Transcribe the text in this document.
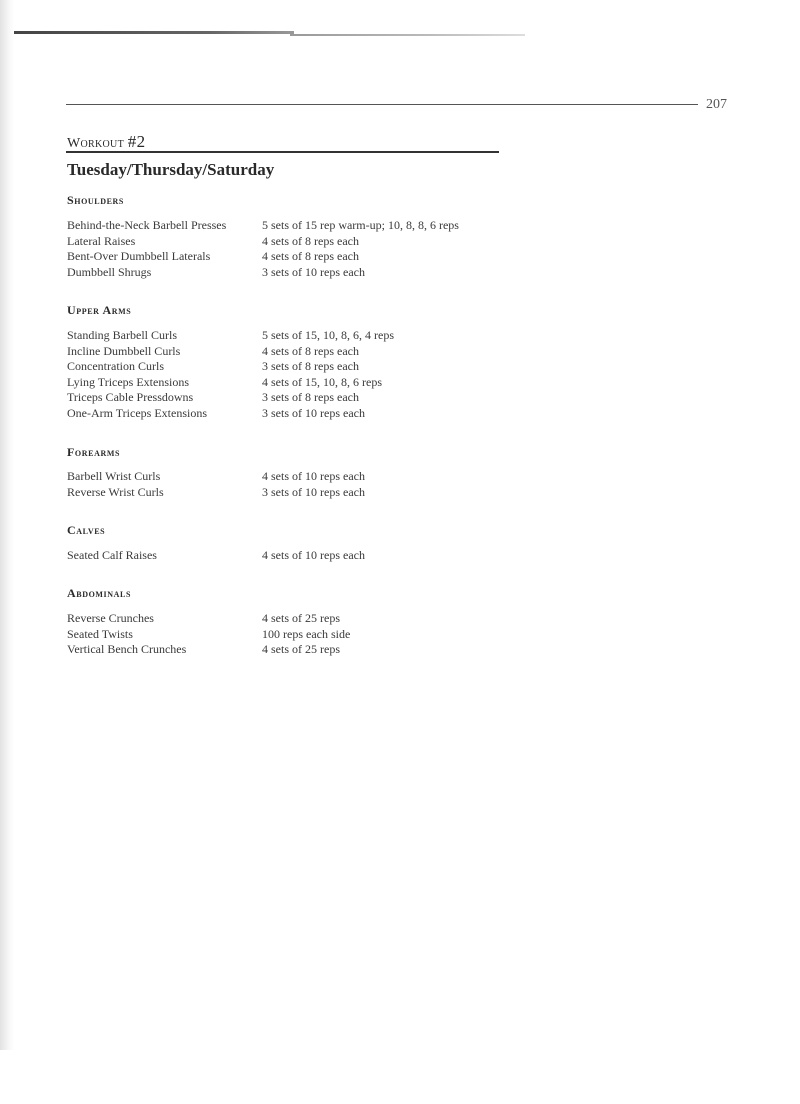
207
Workout #2
Tuesday/Thursday/Saturday
Shoulders
Behind-the-Neck Barbell Presses	5 sets of 15 rep warm-up; 10, 8, 8, 6 reps
Lateral Raises	4 sets of 8 reps each
Bent-Over Dumbbell Laterals	4 sets of 8 reps each
Dumbbell Shrugs	3 sets of 10 reps each
Upper Arms
Standing Barbell Curls	5 sets of 15, 10, 8, 6, 4 reps
Incline Dumbbell Curls	4 sets of 8 reps each
Concentration Curls	3 sets of 8 reps each
Lying Triceps Extensions	4 sets of 15, 10, 8, 6 reps
Triceps Cable Pressdowns	3 sets of 8 reps each
One-Arm Triceps Extensions	3 sets of 10 reps each
Forearms
Barbell Wrist Curls	4 sets of 10 reps each
Reverse Wrist Curls	3 sets of 10 reps each
Calves
Seated Calf Raises	4 sets of 10 reps each
Abdominals
Reverse Crunches	4 sets of 25 reps
Seated Twists	100 reps each side
Vertical Bench Crunches	4 sets of 25 reps
